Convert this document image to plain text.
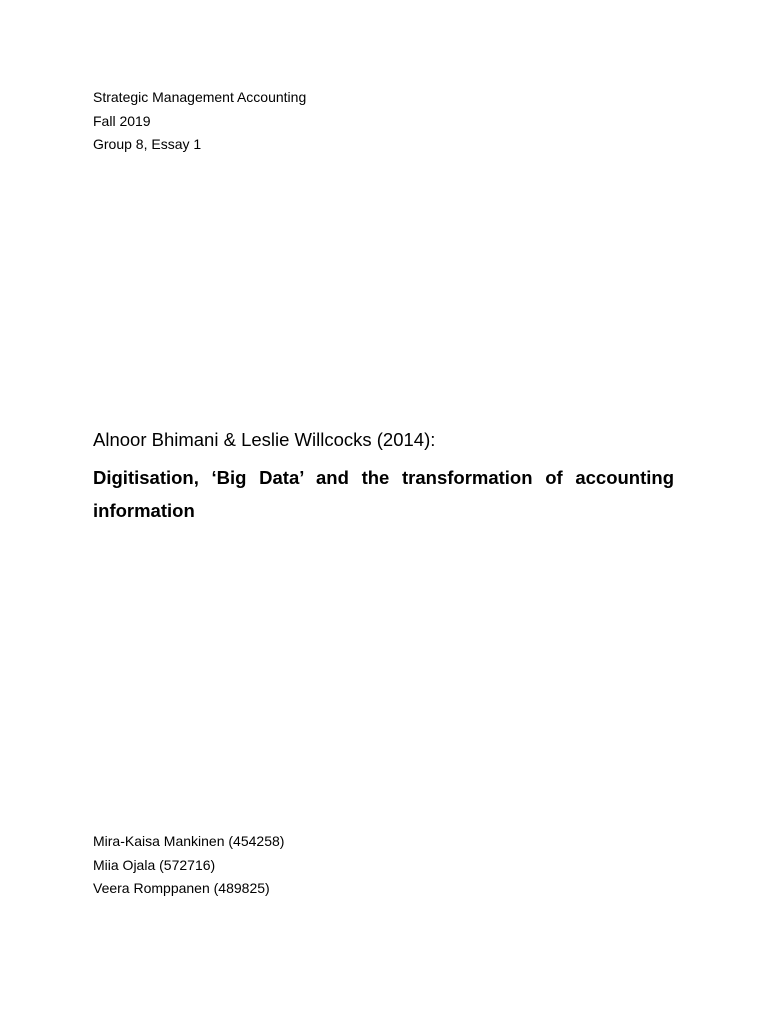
Strategic Management Accounting
Fall 2019
Group 8, Essay 1
Alnoor Bhimani & Leslie Willcocks (2014):
Digitisation, ‘Big Data’ and the transformation of accounting information
Mira-Kaisa Mankinen (454258)
Miia Ojala (572716)
Veera Romppanen (489825)
